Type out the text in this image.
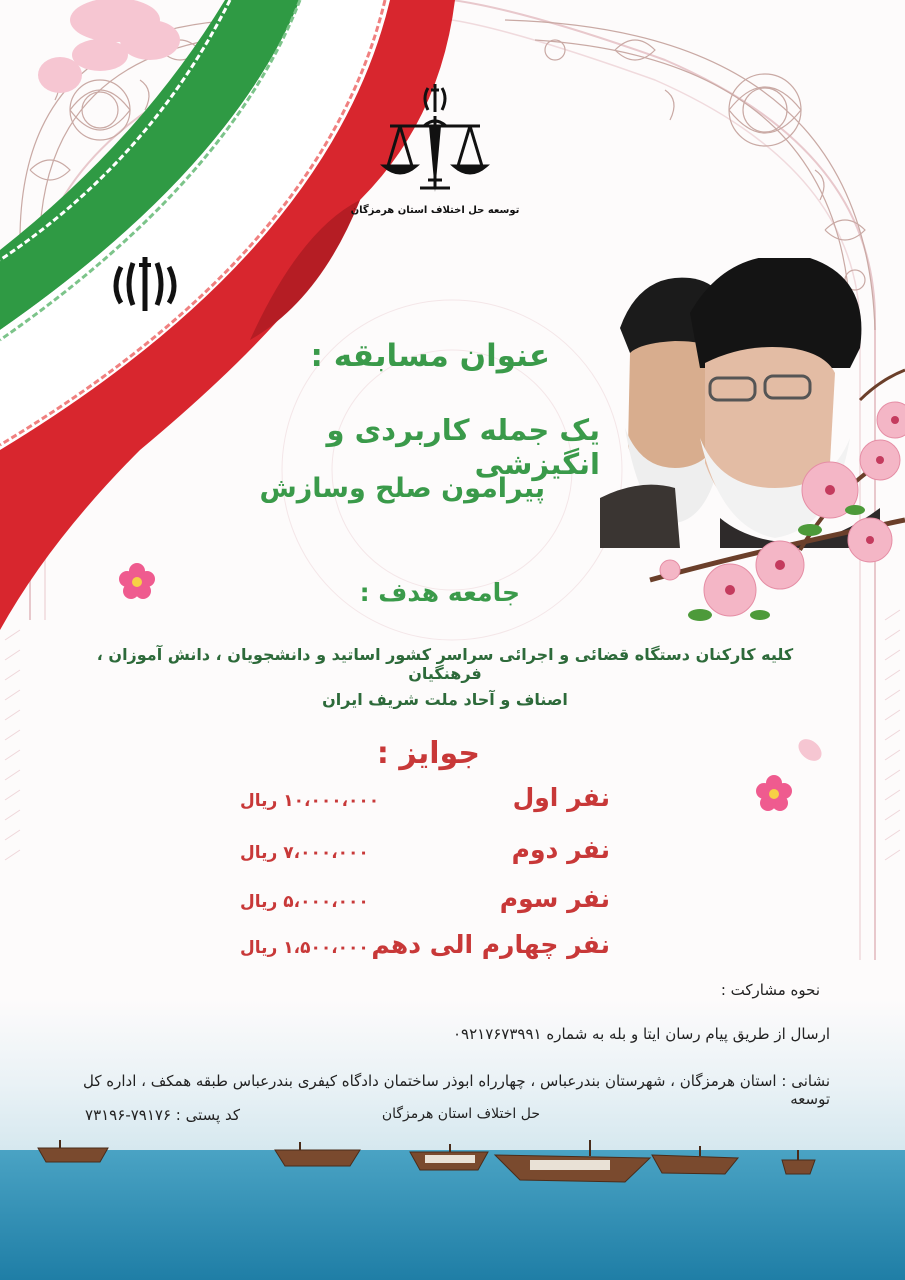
توسعه حل اختلاف استان هرمزگان
عنوان مسابقه :
یک جمله کاربردی و انگیزشی
پیرامون صلح وسازش
جامعه هدف :
کلیه کارکنان دستگاه قضائی و اجرائی سراسر کشور اساتید و دانشجویان ، دانش آموزان ، فرهنگیان
اصناف و آحاد ملت شریف ایران
جوایز :
نفر اول
۱۰،۰۰۰،۰۰۰ ریال
نفر دوم
۷،۰۰۰،۰۰۰ ریال
نفر سوم
۵،۰۰۰،۰۰۰ ریال
نفر چهارم الی دهم
۱،۵۰۰،۰۰۰ ریال
نحوه مشارکت :
ارسال از طریق پیام رسان ایتا و بله به شماره ۰۹۲۱۷۶۷۳۹۹۱
نشانی : استان هرمزگان ، شهرستان بندرعباس ، چهارراه ابوذر ساختمان دادگاه کیفری بندرعباس طبقه همکف ، اداره کل توسعه
حل اختلاف استان هرمزگان
کد پستی : ۷۹۱۷۶-۷۳۱۹۶
